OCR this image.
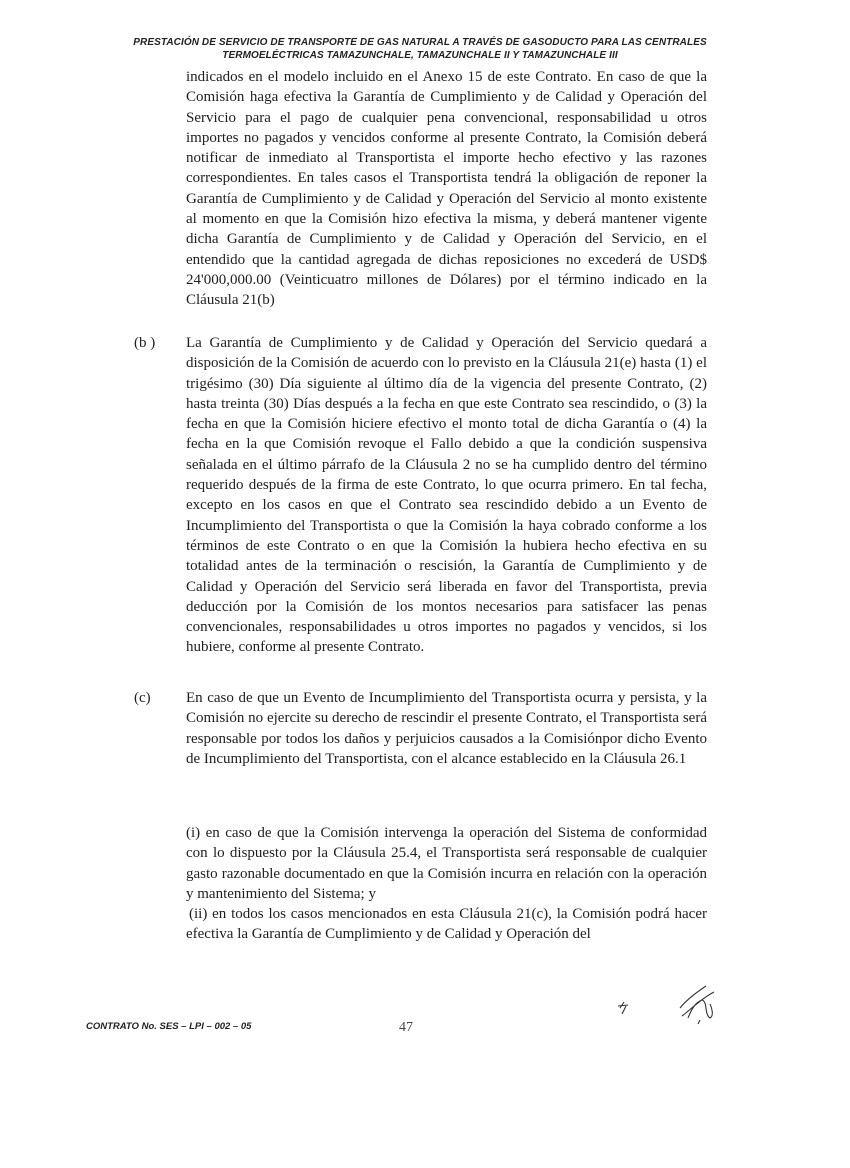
PRESTACIÓN DE SERVICIO DE TRANSPORTE DE GAS NATURAL A TRAVÉS DE GASODUCTO PARA LAS CENTRALES
TERMOELÉCTRICAS TAMAZUNCHALE, TAMAZUNCHALE II Y TAMAZUNCHALE III
indicados en el modelo incluido en el Anexo 15 de este Contrato. En caso de que la Comisión haga efectiva la Garantía de Cumplimiento y de Calidad y Operación del Servicio para el pago de cualquier pena convencional, responsabilidad u otros importes no pagados y vencidos conforme al presente Contrato, la Comisión deberá notificar de inmediato al Transportista el importe hecho efectivo y las razones correspondientes. En tales casos el Transportista tendrá la obligación de reponer la Garantía de Cumplimiento y de Calidad y Operación del Servicio al monto existente al momento en que la Comisión hizo efectiva la misma, y deberá mantener vigente dicha Garantía de Cumplimiento y de Calidad y Operación del Servicio, en el entendido que la cantidad agregada de dichas reposiciones no excederá de USD$ 24'000,000.00 (Veinticuatro millones de Dólares) por el término indicado en la Cláusula 21(b)
(b ) La Garantía de Cumplimiento y de Calidad y Operación del Servicio quedará a disposición de la Comisión de acuerdo con lo previsto en la Cláusula 21(e) hasta (1) el trigésimo (30) Día siguiente al último día de la vigencia del presente Contrato, (2) hasta treinta (30) Días después a la fecha en que este Contrato sea rescindido, o (3) la fecha en que la Comisión hiciere efectivo el monto total de dicha Garantía o (4) la fecha en la que Comisión revoque el Fallo debido a que la condición suspensiva señalada en el último párrafo de la Cláusula 2 no se ha cumplido dentro del término requerido después de la firma de este Contrato, lo que ocurra primero. En tal fecha, excepto en los casos en que el Contrato sea rescindido debido a un Evento de Incumplimiento del Transportista o que la Comisión la haya cobrado conforme a los términos de este Contrato o en que la Comisión la hubiera hecho efectiva en su totalidad antes de la terminación o rescisión, la Garantía de Cumplimiento y de Calidad y Operación del Servicio será liberada en favor del Transportista, previa deducción por la Comisión de los montos necesarios para satisfacer las penas convencionales, responsabilidades u otros importes no pagados y vencidos, si los hubiere, conforme al presente Contrato.
(c) En caso de que un Evento de Incumplimiento del Transportista ocurra y persista, y la Comisión no ejercite su derecho de rescindir el presente Contrato, el Transportista será responsable por todos los daños y perjuicios causados a la Comisiónpor dicho Evento de Incumplimiento del Transportista, con el alcance establecido en la Cláusula 26.1
(i) en caso de que la Comisión intervenga la operación del Sistema de conformidad con lo dispuesto por la Cláusula 25.4, el Transportista será responsable de cualquier gasto razonable documentado en que la Comisión incurra en relación con la operación y mantenimiento del Sistema; y
(ii) en todos los casos mencionados en esta Cláusula 21(c), la Comisión podrá hacer efectiva la Garantía de Cumplimiento y de Calidad y Operación del
CONTRATO No. SES – LPI – 002 – 05	47
